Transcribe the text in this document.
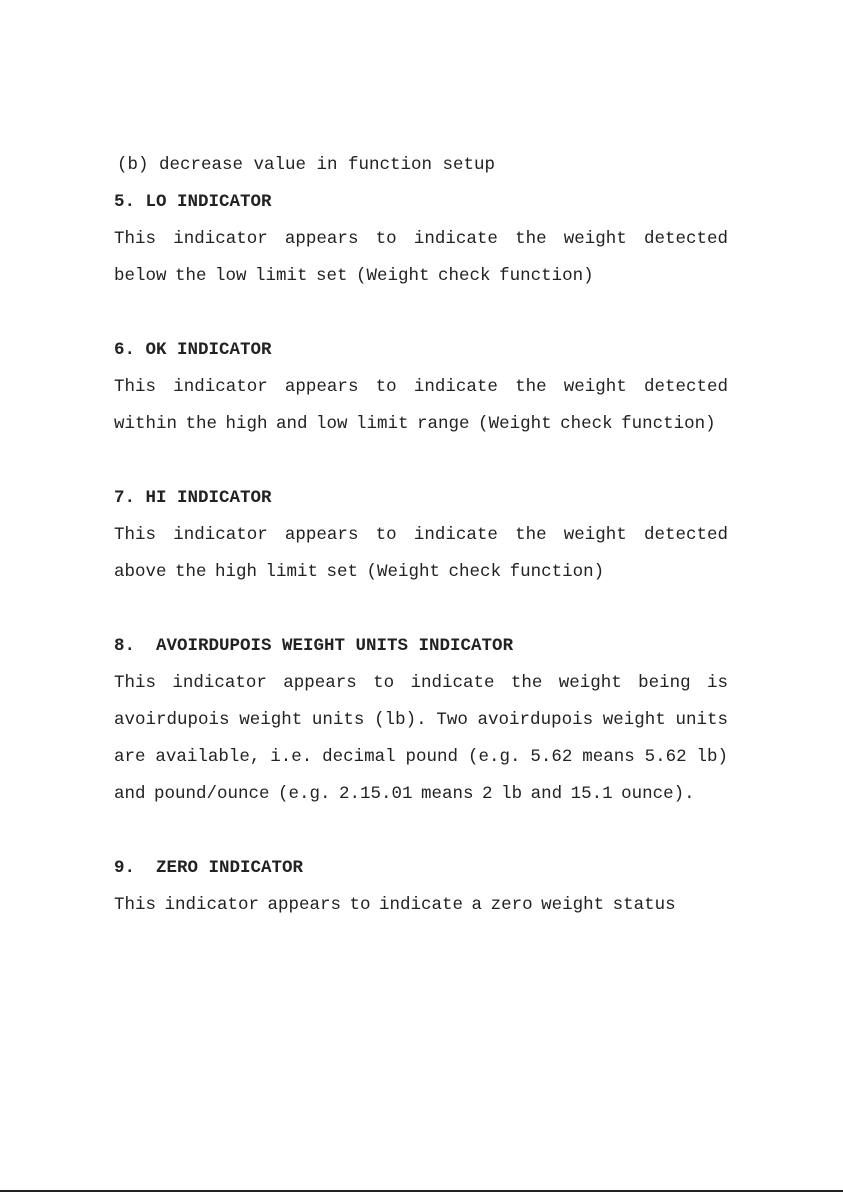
(b) decrease value in function setup

5. LO INDICATOR

This indicator appears to indicate the weight detected below the low limit set (Weight check function)

6. OK INDICATOR

This indicator appears to indicate the weight detected within the high and low limit range (Weight check function)

7. HI INDICATOR

This indicator appears to indicate the weight detected above the high limit set (Weight check function)

8.  AVOIRDUPOIS WEIGHT UNITS INDICATOR

This indicator appears to indicate the weight being is avoirdupois weight units (lb). Two avoirdupois weight units are available, i.e. decimal pound (e.g. 5.62 means 5.62 lb) and pound/ounce (e.g. 2.15.01 means 2 lb and 15.1 ounce).

9.  ZERO INDICATOR

This indicator appears to indicate a zero weight status
